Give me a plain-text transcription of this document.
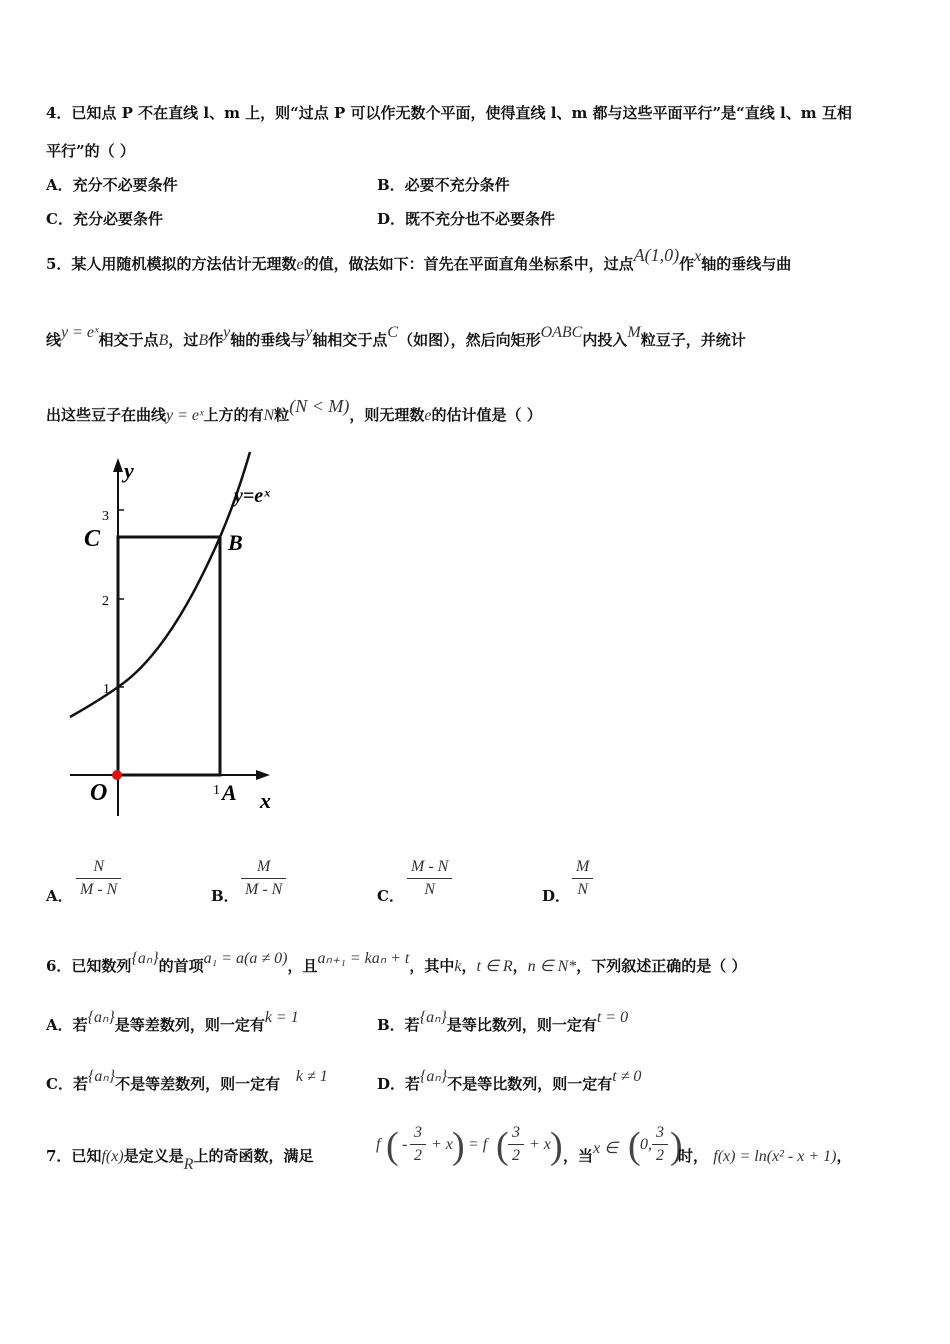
4．已知点 P 不在直线 l、m 上，则“过点 P 可以作无数个平面，使得直线 l、m 都与这些平面平行”是“直线 l、m 互相
平行”的（ ）
A．充分不必要条件	B．必要不充分条件
C．充分必要条件	D．既不充分也不必要条件
5．某人用随机模拟的方法估计无理数e的值，做法如下：首先在平面直角坐标系中，过点A(1,0)作x轴的垂线与曲
线y = eˣ相交于点B，过B作y轴的垂线与y轴相交于点C（如图），然后向矩形OABC内投入M粒豆子，并统计
出这些豆子在曲线y = eˣ上方的有N粒(N < M)，则无理数e的估计值是（ ）
y
x
y=eˣ
C	B
O	A
3
2
1
1
A．
N
M - N	B．
M
M - N	C．
M - N
N	D．
M
N
6．已知数列{aₙ}的首项a₁ = a(a ≠ 0)，且aₙ₊₁ = kaₙ + t，其中k，t ∈ R，n ∈ N*，下列叙述正确的是（ ）
A．若{aₙ}是等差数列，则一定有k = 1	B．若{aₙ}是等比数列，则一定有t = 0
C．若{aₙ}不是等差数列，则一定有 k ≠ 1	D．若{aₙ}不是等比数列，则一定有t ≠ 0
7．已知f(x)是定义是R上的奇函数，满足
f ( -
3
2
+ x ) = f ( 3
2
+ x ) ，当x ∈ ( 0,
3
2 )
时， f(x) = ln(x² - x + 1)，
